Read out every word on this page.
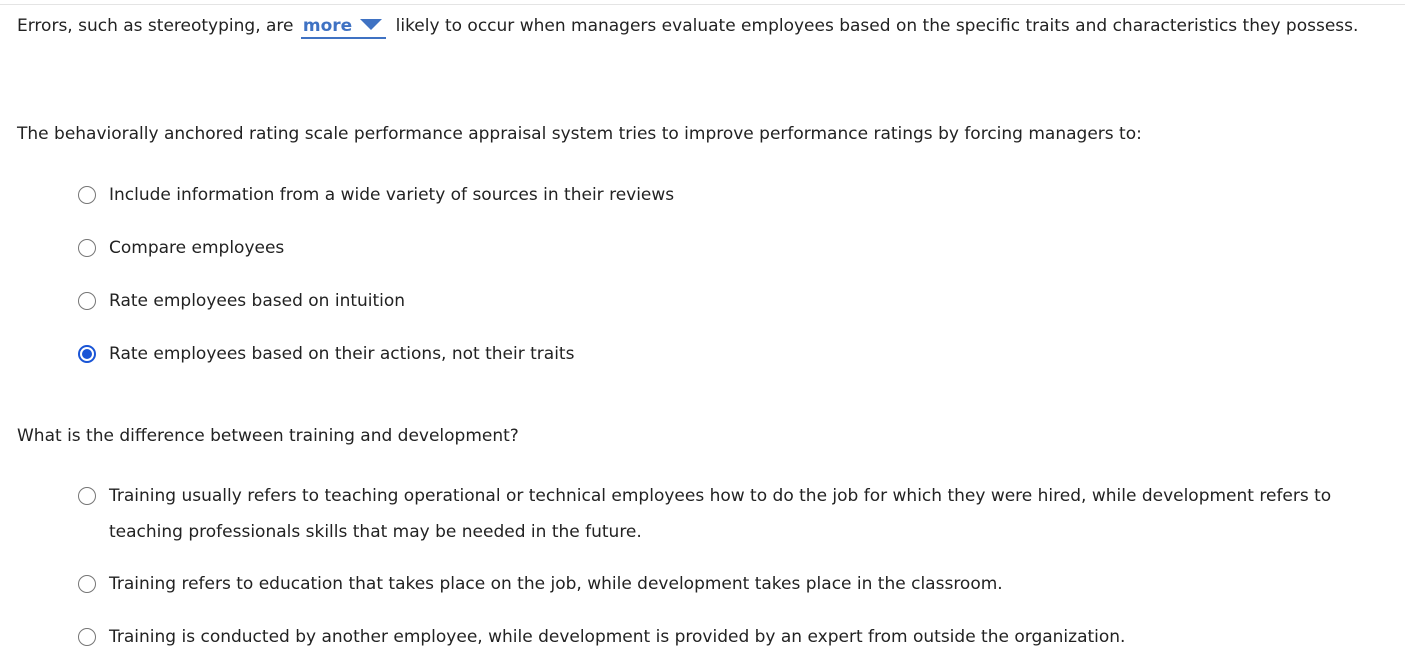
Errors, such as stereotyping, are more	likely to occur when managers evaluate employees based on the specific traits and characteristics they possess.

The behaviorally anchored rating scale performance appraisal system tries to improve performance ratings by forcing managers to:

Include information from a wide variety of sources in their reviews
Compare employees
Rate employees based on intuition
Rate employees based on their actions, not their traits

What is the difference between training and development?

Training usually refers to teaching operational or technical employees how to do the job for which they were hired, while development refers to teaching professionals skills that may be needed in the future.
Training refers to education that takes place on the job, while development takes place in the classroom.
Training is conducted by another employee, while development is provided by an expert from outside the organization.
